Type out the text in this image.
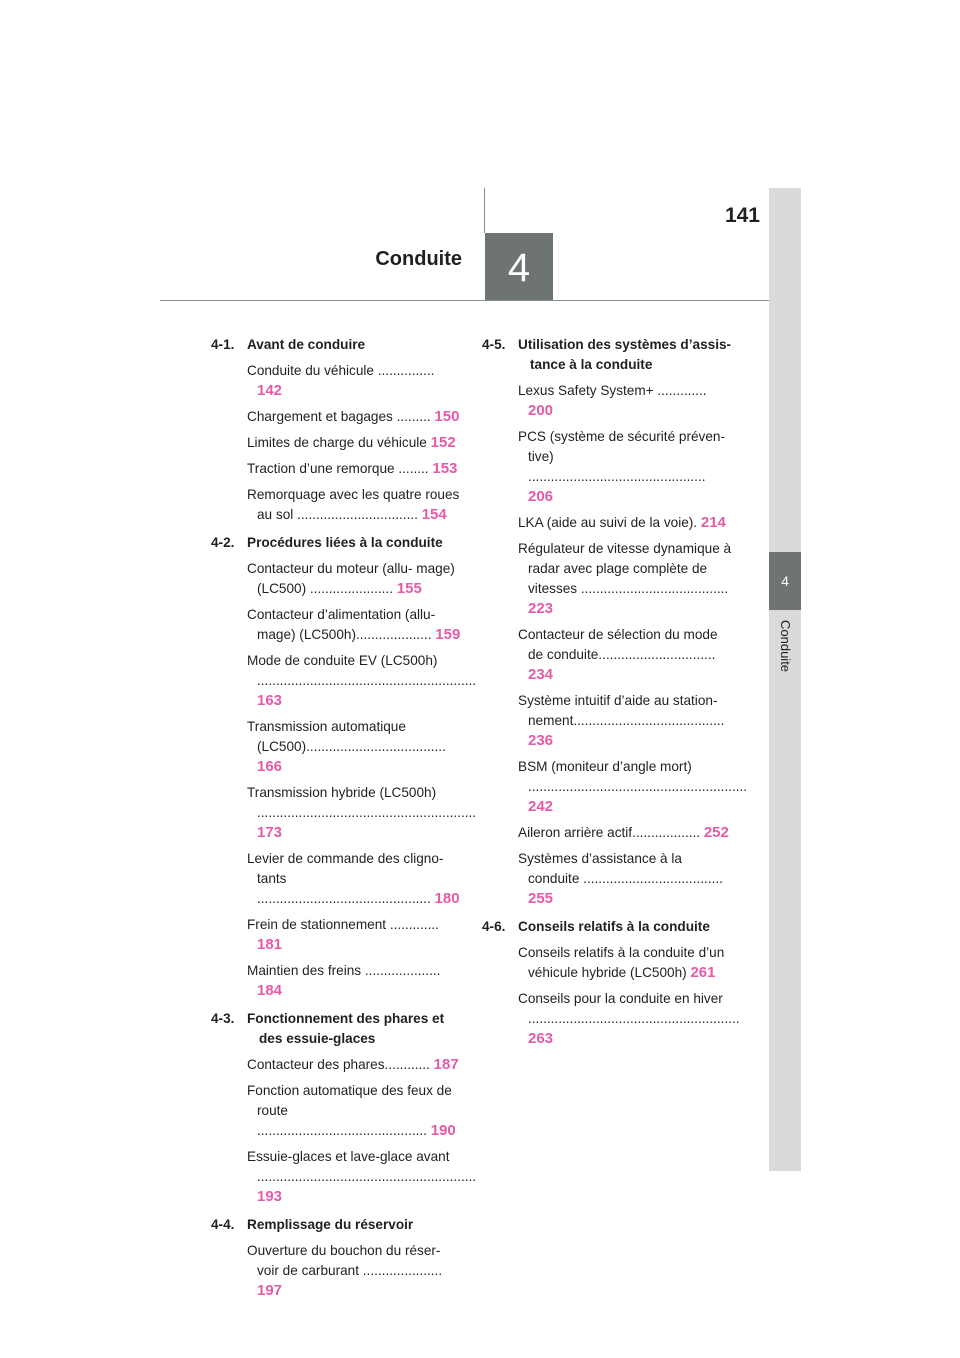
141
Conduite	4
4
Conduite
4-1. Avant de conduire
Conduite du véhicule ............... 142
Chargement et bagages ......... 150
Limites de charge du véhicule 152
Traction d’une remorque ........ 153
Remorquage avec les quatre roues au sol ................................ 154
4-2. Procédures liées à la conduite
Contacteur du moteur (allu- mage) (LC500) ...................... 155
Contacteur d’alimentation (allu- mage) (LC500h).................... 159
Mode de conduite EV (LC500h) .......................................................... 163
Transmission automatique (LC500)..................................... 166
Transmission hybride (LC500h) .......................................................... 173
Levier de commande des cligno- tants .............................................. 180
Frein de stationnement ............. 181
Maintien des freins .................... 184
4-3. Fonctionnement des phares et des essuie-glaces
Contacteur des phares............ 187
Fonction automatique des feux de route ............................................. 190
Essuie-glaces et lave-glace avant .......................................................... 193
4-4. Remplissage du réservoir
Ouverture du bouchon du réser- voir de carburant ..................... 197
4-5. Utilisation des systèmes d’assis-tance à la conduite
Lexus Safety System+ ............. 200
PCS (système de sécurité préven- tive) ............................................... 206
LKA (aide au suivi de la voie). 214
Régulateur de vitesse dynamique à radar avec plage complète de vitesses ....................................... 223
Contacteur de sélection du mode de conduite............................... 234
Système intuitif d’aide au station- nement........................................ 236
BSM (moniteur d’angle mort) .......................................................... 242
Aileron arrière actif.................. 252
Systèmes d’assistance à la conduite ..................................... 255
4-6. Conseils relatifs à la conduite
Conseils relatifs à la conduite d’un véhicule hybride (LC500h) 261
Conseils pour la conduite en hiver ........................................................ 263
